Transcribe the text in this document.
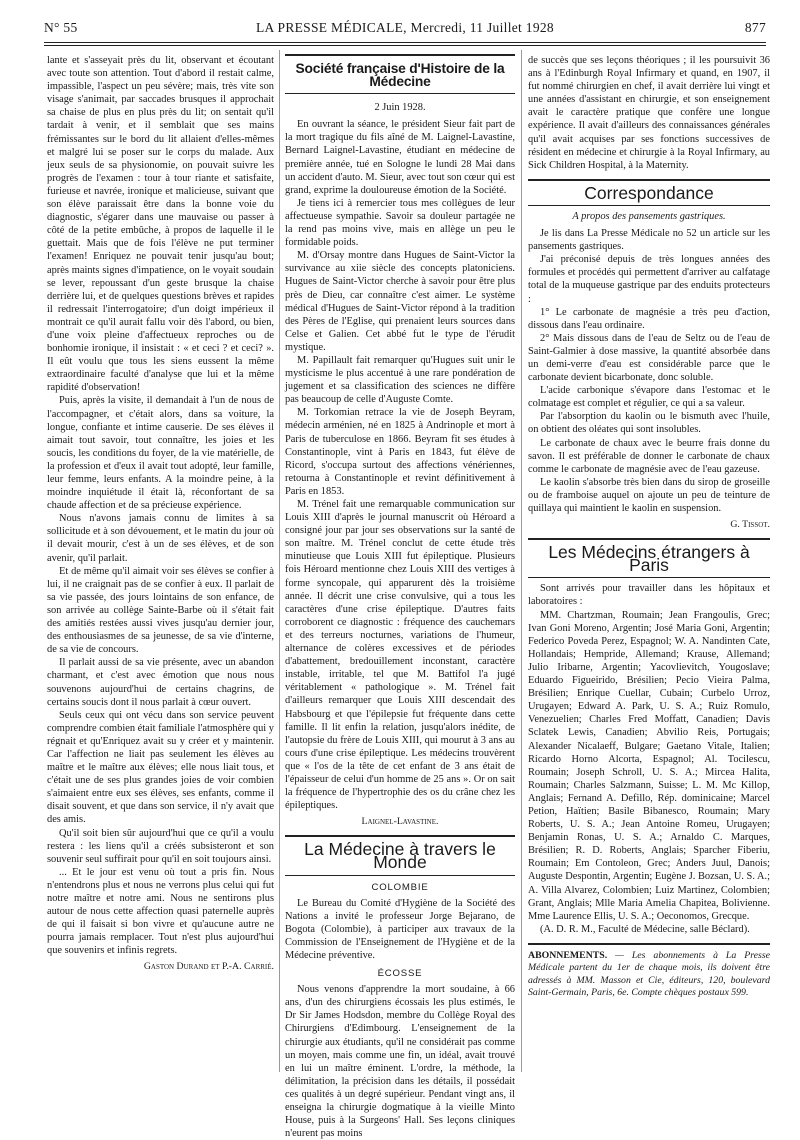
N° 55	LA PRESSE MÉDICALE, Mercredi, 11 Juillet 1928	877

lante et s'asseyait près du lit, observant et écoutant avec toute son attention. Tout d'abord il restait calme, impassible, l'aspect un peu sévère; mais, très vite son visage s'animait, par saccades brusques il approchait sa chaise de plus en plus près du lit; on sentait qu'il tardait à venir, et il semblait que ses mains frémissantes sur le bord du lit allaient d'elles-mêmes et malgré lui se poser sur le corps du malade. Aux jeux seuls de sa physionomie, on pouvait suivre les progrès de l'examen : tour à tour riante et satisfaite, furieuse et navrée, ironique et malicieuse, suivant que son élève paraissait être dans la bonne voie du diagnostic, s'égarer dans une mauvaise ou passer à côté de la petite embûche, à propos de laquelle il le guettait. Mais que de fois l'élève ne put terminer l'examen! Enriquez ne pouvait tenir jusqu'au bout; après maints signes d'impatience, on le voyait soudain se lever, repoussant d'un geste brusque la chaise derrière lui, et de quelques questions brèves et rapides il redressait l'interrogatoire; d'un doigt impérieux il montrait ce qu'il aurait fallu voir dès l'abord, ou bien, d'une voix pleine d'affectueux reproches ou de bonhomie ironique, il insistait : « et ceci ? et ceci? ». Il eût voulu que tous les siens eussent la même extraordinaire faculté d'analyse que lui et la même rapidité d'observation!

Puis, après la visite, il demandait à l'un de nous de l'accompagner, et c'était alors, dans sa voiture, la longue, confiante et intime causerie. De ses élèves il aimait tout savoir, tout connaître, les joies et les soucis, les conditions du foyer, de la vie matérielle, de la profession et d'eux il avait tout adopté, leur famille, leur femme, leurs enfants. A la moindre peine, à la moindre inquiétude il était là, réconfortant de sa chaude affection et de sa précieuse expérience.

Nous n'avons jamais connu de limites à sa sollicitude et à son dévouement, et le matin du jour où il devait mourir, c'est à un de ses élèves, et de son avenir, qu'il parlait.

Et de même qu'il aimait voir ses élèves se confier à lui, il ne craignait pas de se confier à eux. Il parlait de sa vie passée, des jours lointains de son enfance, de son arrivée au collège Sainte-Barbe où il s'était fait des amitiés restées aussi vives jusqu'au dernier jour, des enthousiasmes de sa jeunesse, de sa vie d'interne, de sa vie de concours.

Il parlait aussi de sa vie présente, avec un abandon charmant, et c'est avec émotion que nous nous souvenons aujourd'hui de certains chagrins, de certains soucis dont il nous parlait à cœur ouvert.

Seuls ceux qui ont vécu dans son service peuvent comprendre combien était familiale l'atmosphère qui y régnait et qu'Enriquez avait su y créer et y maintenir. Car l'affection ne liait pas seulement les élèves au maître et le maître aux élèves; elle nous liait tous, et c'était une de ses plus grandes joies de voir combien s'aimaient entre eux ses élèves, ses enfants, comme il disait souvent, et que dans son service, il n'y avait que des amis.

Qu'il soit bien sûr aujourd'hui que ce qu'il a voulu restera : les liens qu'il a créés subsisteront et son souvenir seul suffirait pour qu'il en soit toujours ainsi.

... Et le jour est venu où tout a pris fin. Nous n'entendrons plus et nous ne verrons plus celui qui fut notre maître et notre ami. Nous ne sentirons plus autour de nous cette affection quasi paternelle auprès de qui il faisait si bon vivre et qu'aucune autre ne pourra jamais remplacer. Tout n'est plus aujourd'hui que souvenirs et infinis regrets.

Gaston Durand et P.-A. Carrié.
Société française d'Histoire de la Médecine
2 Juin 1928.

En ouvrant la séance, le président Sieur fait part de la mort tragique du fils aîné de M. Laignel-Lavastine, Bernard Laignel-Lavastine, étudiant en médecine de première année, tué en Sologne le lundi 28 Mai dans un accident d'auto. M. Sieur, avec tout son cœur qui est grand, exprime la douloureuse émotion de la Société.

Je tiens ici à remercier tous mes collègues de leur affectueuse sympathie. Savoir sa douleur partagée ne la rend pas moins vive, mais en allège un peu le formidable poids.

M. d'Orsay montre dans Hugues de Saint-Victor la survivance au xiie siècle des concepts platoniciens. Hugues de Saint-Victor cherche à savoir pour être plus près de Dieu, car connaître c'est aimer. Le système médical d'Hugues de Saint-Victor répond à la tradition des Pères de l'Eglise, qui prenaient leurs sources dans Celse et Galien. Cet abbé fut le type de l'érudit mystique.

M. Papillault fait remarquer qu'Hugues suit unir le mysticisme le plus accentué à une rare pondération de jugement et sa classification des sciences ne diffère pas beaucoup de celle d'Auguste Comte.

M. Torkomian retrace la vie de Joseph Beyram, médecin arménien, né en 1825 à Andrinople et mort à Paris de tuberculose en 1866. Beyram fit ses études à Constantinople, vint à Paris en 1843, fut élève de Ricord, s'occupa surtout des affections vénériennes, retourna à Constantinople et revint définitivement à Paris en 1853.

M. Trénel fait une remarquable communication sur Louis XIII d'après le journal manuscrit où Héroard a consigné jour par jour ses observations sur la santé de son maître. M. Trénel conclut de cette étude très minutieuse que Louis XIII fut épileptique. Plusieurs fois Héroard mentionne chez Louis XIII des vertiges à forme syncopale, qui apparurent dès la troisième année. Il décrit une crise convulsive, qui a tous les caractères d'une crise épileptique. D'autres faits corroborent ce diagnostic : fréquence des cauchemars et des terreurs nocturnes, variations de l'humeur, alternance de colères excessives et de périodes d'abattement, bredouillement inconstant, caractère instable, irritable, tel que M. Battifol l'a jugé véritablement « pathologique ». M. Trénel fait d'ailleurs remarquer que Louis XIII descendait des Habsbourg et que l'épilepsie fut fréquente dans cette famille. Il lit enfin la relation, jusqu'alors inédite, de l'autopsie du frère de Louis XIII, qui mourut à 3 ans au cours d'une crise épileptique. Les médecins trouvèrent que « l'os de la tête de cet enfant de 3 ans était de l'épaisseur de celui d'un homme de 25 ans ». Or on sait la fréquence de l'hypertrophie des os du crâne chez les épileptiques.

Laignel-Lavastine.
La Médecine à travers le Monde
COLOMBIE

Le Bureau du Comité d'Hygiène de la Société des Nations a invité le professeur Jorge Bejarano, de Bogota (Colombie), à participer aux travaux de la Commission de l'Enseignement de l'Hygiène et de la Médecine préventive.

ÉCOSSE

Nous venons d'apprendre la mort soudaine, à 66 ans, d'un des chirurgiens écossais les plus estimés, le Dr Sir James Hodsdon, membre du Collège Royal des Chirurgiens d'Edimbourg. L'enseignement de la chirurgie aux étudiants, qu'il ne considérait pas comme un moyen, mais comme une fin, un idéal, avait trouvé en lui un maître éminent. L'ordre, la méthode, la délimitation, la précision dans les détails, il possédait ces qualités à un degré supérieur. Pendant vingt ans, il enseigna la chirurgie dogmatique à la vieille Minto House, puis à la Surgeons' Hall. Ses leçons cliniques n'eurent pas moins

de succès que ses leçons théoriques ; il les poursuivit 36 ans à l'Edinburgh Royal Infirmary et quand, en 1907, il fut nommé chirurgien en chef, il avait derrière lui vingt et une années d'assistant en chirurgie, et son enseignement avait le caractère pratique que confère une longue expérience. Il avait d'ailleurs des connaissances générales qu'il avait acquises par ses fonctions successives de résident en médecine et chirurgie à la Royal Infirmary, au Sick Children Hospital, à la Maternity.

Correspondance
A propos des pansements gastriques.

Je lis dans La Presse Médicale no 52 un article sur les pansements gastriques.

J'ai préconisé depuis de très longues années des formules et procédés qui permettent d'arriver au calfatage total de la muqueuse gastrique par des enduits protecteurs :

1° Le carbonate de magnésie a très peu d'action, dissous dans l'eau ordinaire.

2° Mais dissous dans de l'eau de Seltz ou de l'eau de Saint-Galmier à dose massive, la quantité absorbée dans un demi-verre d'eau est considérable parce que le carbonate devient bicarbonate, donc soluble.

L'acide carbonique s'évapore dans l'estomac et le colmatage est complet et régulier, ce qui a sa valeur.

Par l'absorption du kaolin ou le bismuth avec l'huile, on obtient des oléates qui sont insolubles.

Le carbonate de chaux avec le beurre frais donne du savon. Il est préférable de donner le carbonate de chaux comme le carbonate de magnésie avec de l'eau gazeuse.

Le kaolin s'absorbe très bien dans du sirop de groseille ou de framboise auquel on ajoute un peu de teinture de quillaya qui maintient le kaolin en suspension.

G. Tissot.
Les Médecins étrangers à Paris

Sont arrivés pour travailler dans les hôpitaux et laboratoires :

MM. Chartzman, Roumain; Jean Frangoulis, Grec; Ivan Goni Moreno, Argentin; José Maria Goni, Argentin; Federico Poveda Perez, Espagnol; W. A. Nandinten Cate, Hollandais; Hempride, Allemand; Krause, Allemand; Julio Iribarne, Argentin; Yacovlievitch, Yougoslave; Eduardo Figueirido, Brésilien; Pecio Vieira Palma, Brésilien; Enrique Cuellar, Cubain; Curbelo Urroz, Urugayen; Edward A. Park, U. S. A.; Ruiz Romulo, Venezuelien; Charles Fred Moffatt, Canadien; Davis Sclatek Lewis, Canadien; Abvilio Reis, Portugais; Alexander Nicalaeff, Bulgare; Gaetano Vitale, Italien; Ricardo Horno Alcorta, Espagnol; Al. Tocilescu, Roumain; Joseph Schroll, U. S. A.; Mircea Halita, Roumain; Charles Salzmann, Suisse; L. M. Mc Killop, Anglais; Fernand A. Defillo, Rép. dominicaine; Marcel Petion, Haïtien; Basile Bibanesco, Roumain; Mary Roberts, U. S. A.; Jean Antoine Romeu, Urugayen; Benjamin Ronas, U. S. A.; Arnaldo C. Marques, Brésilien; R. D. Roberts, Anglais; Sparcher Fiberiu, Roumain; Em Contoleon, Grec; Anders Juul, Danois; Auguste Despontin, Argentin; Eugène J. Bozsan, U. S. A.; A. Villa Alvarez, Colombien; Luiz Martinez, Colombien; Grant, Anglais; Mlle Maria Amelia Chapitea, Bolivienne. Mme Laurence Ellis, U. S. A.; Oeconomos, Grecque.

(A. D. R. M., Faculté de Médecine, salle Béclard).

ABONNEMENTS. — Les abonnements à La Presse Médicale partent du 1er de chaque mois, ils doivent être adressés à MM. Masson et Cie, éditeurs, 120, boulevard Saint-Germain, Paris, 6e. Compte chèques postaux 599.
